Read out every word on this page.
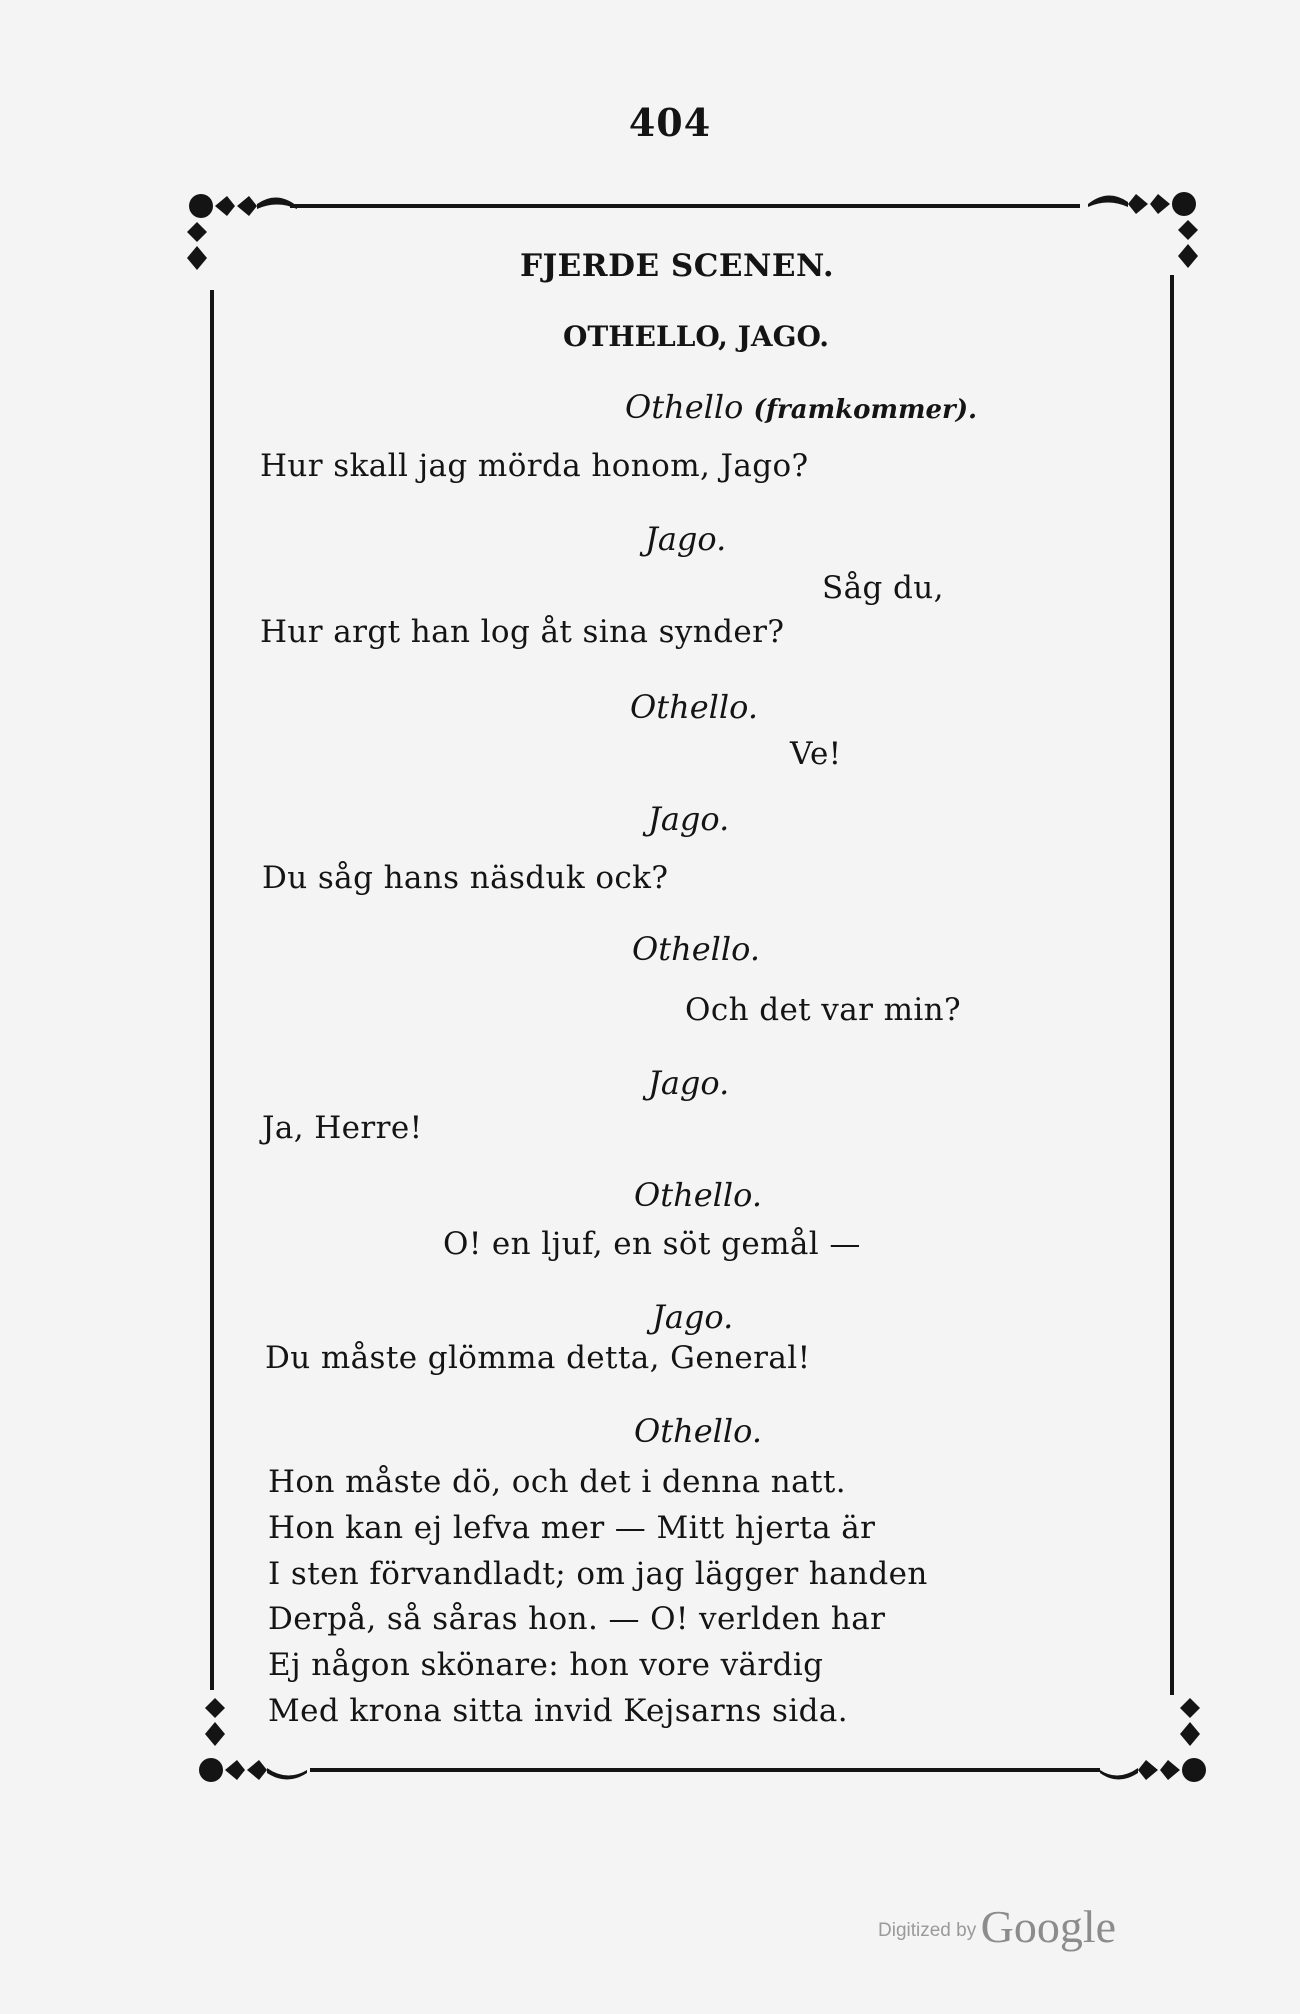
404
FJERDE SCENEN.
OTHELLO, JAGO.
Othello (framkommer).
Hur skall jag mörda honom, Jago?
Jago.
Såg du,
Hur argt han log åt sina synder?
Othello.
Ve!
Jago.
Du såg hans näsduk ock?
Othello.
Och det var min?
Jago.
Ja, Herre!
Othello.
O! en ljuf, en söt gemål —
Jago.
Du måste glömma detta, General!
Othello.
Hon måste dö, och det i denna natt.
Hon kan ej lefva mer — Mitt hjerta är
I sten förvandladt; om jag lägger handen
Derpå, så såras hon. — O! verlden har
Ej någon skönare: hon vore värdig
Med krona sitta invid Kejsarns sida.
Digitized by Google
